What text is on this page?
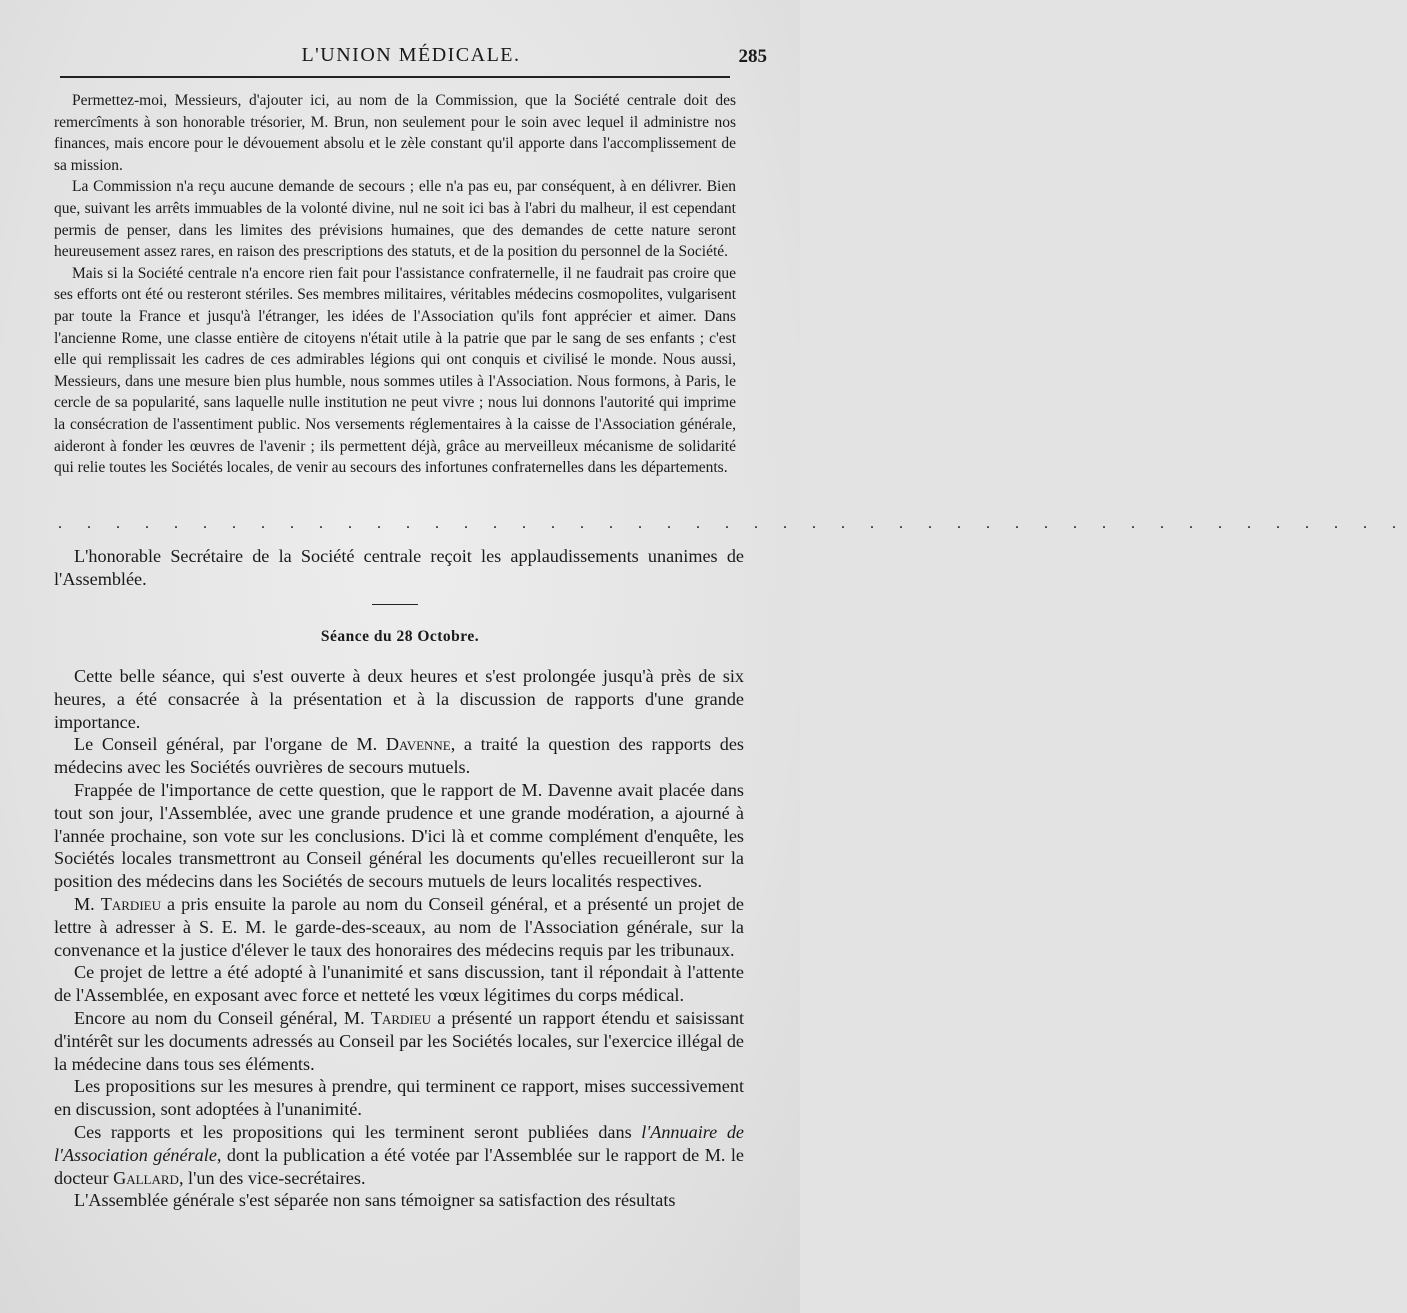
L'UNION MÉDICALE.	285

Permettez-moi, Messieurs, d'ajouter ici, au nom de la Commission, que la Société centrale doit des remercîments à son honorable trésorier, M. Brun, non seulement pour le soin avec lequel il administre nos finances, mais encore pour le dévouement absolu et le zèle constant qu'il apporte dans l'accomplissement de sa mission.

La Commission n'a reçu aucune demande de secours ; elle n'a pas eu, par conséquent, à en délivrer. Bien que, suivant les arrêts immuables de la volonté divine, nul ne soit ici bas à l'abri du malheur, il est cependant permis de penser, dans les limites des prévisions humaines, que des demandes de cette nature seront heureusement assez rares, en raison des prescriptions des statuts, et de la position du personnel de la Société.

Mais si la Société centrale n'a encore rien fait pour l'assistance confraternelle, il ne faudrait pas croire que ses efforts ont été ou resteront stériles. Ses membres militaires, véritables médecins cosmopolites, vulgarisent par toute la France et jusqu'à l'étranger, les idées de l'Association qu'ils font apprécier et aimer. Dans l'ancienne Rome, une classe entière de citoyens n'était utile à la patrie que par le sang de ses enfants ; c'est elle qui remplissait les cadres de ces admirables légions qui ont conquis et civilisé le monde. Nous aussi, Messieurs, dans une mesure bien plus humble, nous sommes utiles à l'Association. Nous formons, à Paris, le cercle de sa popularité, sans laquelle nulle institution ne peut vivre ; nous lui donnons l'autorité qui imprime la consécration de l'assentiment public. Nos versements réglementaires à la caisse de l'Association générale, aideront à fonder les œuvres de l'avenir ; ils permettent déjà, grâce au merveilleux mécanisme de solidarité qui relie toutes les Sociétés locales, de venir au secours des infortunes confraternelles dans les départements.

. . . . . . . . . . . . . . . . . . . . . . . . . . . . . . . . . . . . . . . . . . . . . . .

L'honorable Secrétaire de la Société centrale reçoit les applaudissements unanimes de l'Assemblée.

Séance du 28 Octobre.

Cette belle séance, qui s'est ouverte à deux heures et s'est prolongée jusqu'à près de six heures, a été consacrée à la présentation et à la discussion de rapports d'une grande importance.

Le Conseil général, par l'organe de M. Davenne, a traité la question des rapports des médecins avec les Sociétés ouvrières de secours mutuels.

Frappée de l'importance de cette question, que le rapport de M. Davenne avait placée dans tout son jour, l'Assemblée, avec une grande prudence et une grande modération, a ajourné à l'année prochaine, son vote sur les conclusions. D'ici là et comme complément d'enquête, les Sociétés locales transmettront au Conseil général les documents qu'elles recueilleront sur la position des médecins dans les Sociétés de secours mutuels de leurs localités respectives.

M. Tardieu a pris ensuite la parole au nom du Conseil général, et a présenté un projet de lettre à adresser à S. E. M. le garde-des-sceaux, au nom de l'Association générale, sur la convenance et la justice d'élever le taux des honoraires des médecins requis par les tribunaux.

Ce projet de lettre a été adopté à l'unanimité et sans discussion, tant il répondait à l'attente de l'Assemblée, en exposant avec force et netteté les vœux légitimes du corps médical.

Encore au nom du Conseil général, M. Tardieu a présenté un rapport étendu et saisissant d'intérêt sur les documents adressés au Conseil par les Sociétés locales, sur l'exercice illégal de la médecine dans tous ses éléments.

Les propositions sur les mesures à prendre, qui terminent ce rapport, mises successivement en discussion, sont adoptées à l'unanimité.

Ces rapports et les propositions qui les terminent seront publiées dans l'Annuaire de l'Association générale, dont la publication a été votée par l'Assemblée sur le rapport de M. le docteur Gallard, l'un des vice-secrétaires.

L'Assemblée générale s'est séparée non sans témoigner sa satisfaction des résultats
